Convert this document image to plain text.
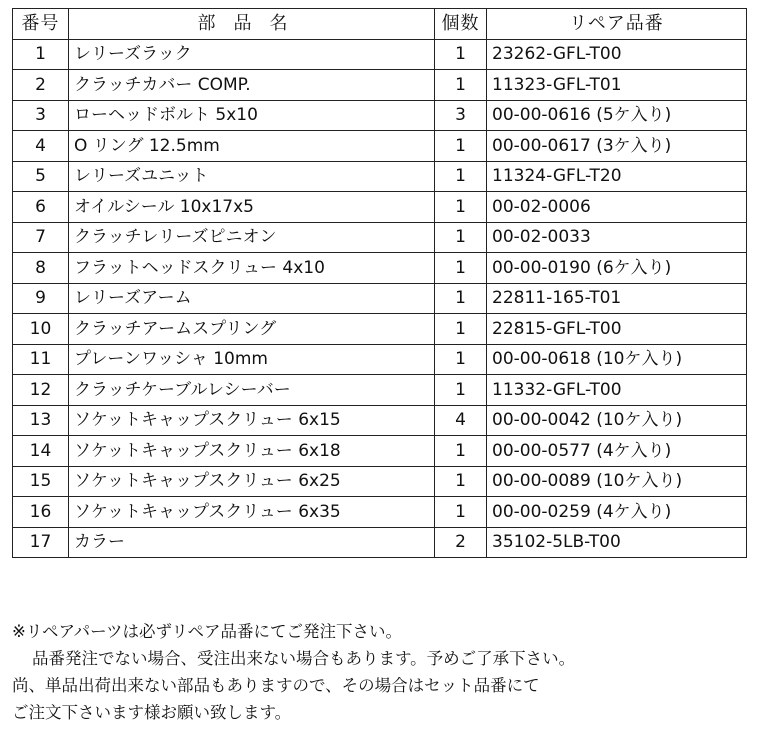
番号	部品名	個数	リペア品番
1	レリーズラック	1	23262-GFL-T00
2	クラッチカバー COMP.	1	11323-GFL-T01
3	ローヘッドボルト 5x10	3	00-00-0616 (5ケ入り)
4	O リング 12.5mm	1	00-00-0617 (3ケ入り)
5	レリーズユニット	1	11324-GFL-T20
6	オイルシール 10x17x5	1	00-02-0006
7	クラッチレリーズピニオン	1	00-02-0033
8	フラットヘッドスクリュー 4x10	1	00-00-0190 (6ケ入り)
9	レリーズアーム	1	22811-165-T01
10	クラッチアームスプリング	1	22815-GFL-T00
11	プレーンワッシャ 10mm	1	00-00-0618 (10ケ入り)
12	クラッチケーブルレシーバー	1	11332-GFL-T00
13	ソケットキャップスクリュー 6x15	4	00-00-0042 (10ケ入り)
14	ソケットキャップスクリュー 6x18	1	00-00-0577 (4ケ入り)
15	ソケットキャップスクリュー 6x25	1	00-00-0089 (10ケ入り)
16	ソケットキャップスクリュー 6x35	1	00-00-0259 (4ケ入り)
17	カラー	2	35102-5LB-T00

※リペアパーツは必ずリペア品番にてご発注下さい。

品番発注でない場合、受注出来ない場合もあります。予めご了承下さい。

尚、単品出荷出来ない部品もありますので、その場合はセット品番にて

ご注文下さいます様お願い致します。
